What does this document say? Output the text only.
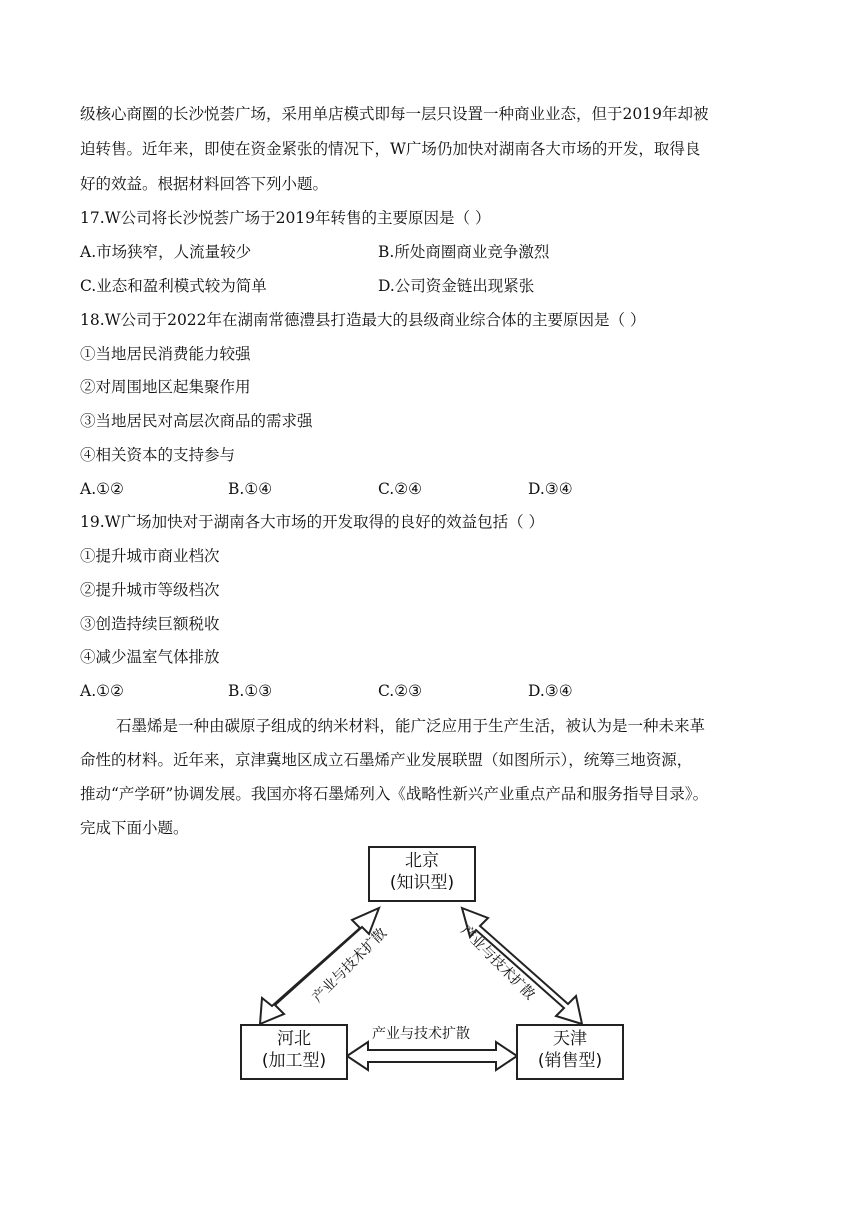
级核心商圈的长沙悦荟广场，采用单店模式即每一层只设置一种商业业态，但于2019年却被
迫转售。近年来，即使在资金紧张的情况下，W广场仍加快对湖南各大市场的开发，取得良
好的效益。根据材料回答下列小题。
17.W公司将长沙悦荟广场于2019年转售的主要原因是（ ）
A.市场狭窄，人流量较少	B.所处商圈商业竞争激烈
C.业态和盈利模式较为简单	D.公司资金链出现紧张
18.W公司于2022年在湖南常德澧县打造最大的县级商业综合体的主要原因是（ ）
①当地居民消费能力较强
②对周围地区起集聚作用
③当地居民对高层次商品的需求强
④相关资本的支持参与
A.①②	B.①④	C.②④	D.③④
19.W广场加快对于湖南各大市场的开发取得的良好的效益包括（ ）
①提升城市商业档次
②提升城市等级档次
③创造持续巨额税收
④减少温室气体排放
A.①②	B.①③	C.②③	D.③④
石墨烯是一种由碳原子组成的纳米材料，能广泛应用于生产生活，被认为是一种未来革
命性的材料。近年来，京津冀地区成立石墨烯产业发展联盟（如图所示），统筹三地资源，
推动“产学研”协调发展。我国亦将石墨烯列入《战略性新兴产业重点产品和服务指导目录》。
完成下面小题。
产业与技术扩散	产业与技术扩散
产业与技术扩散
北京
(知识型)
河北
(加工型)
天津
(销售型)
